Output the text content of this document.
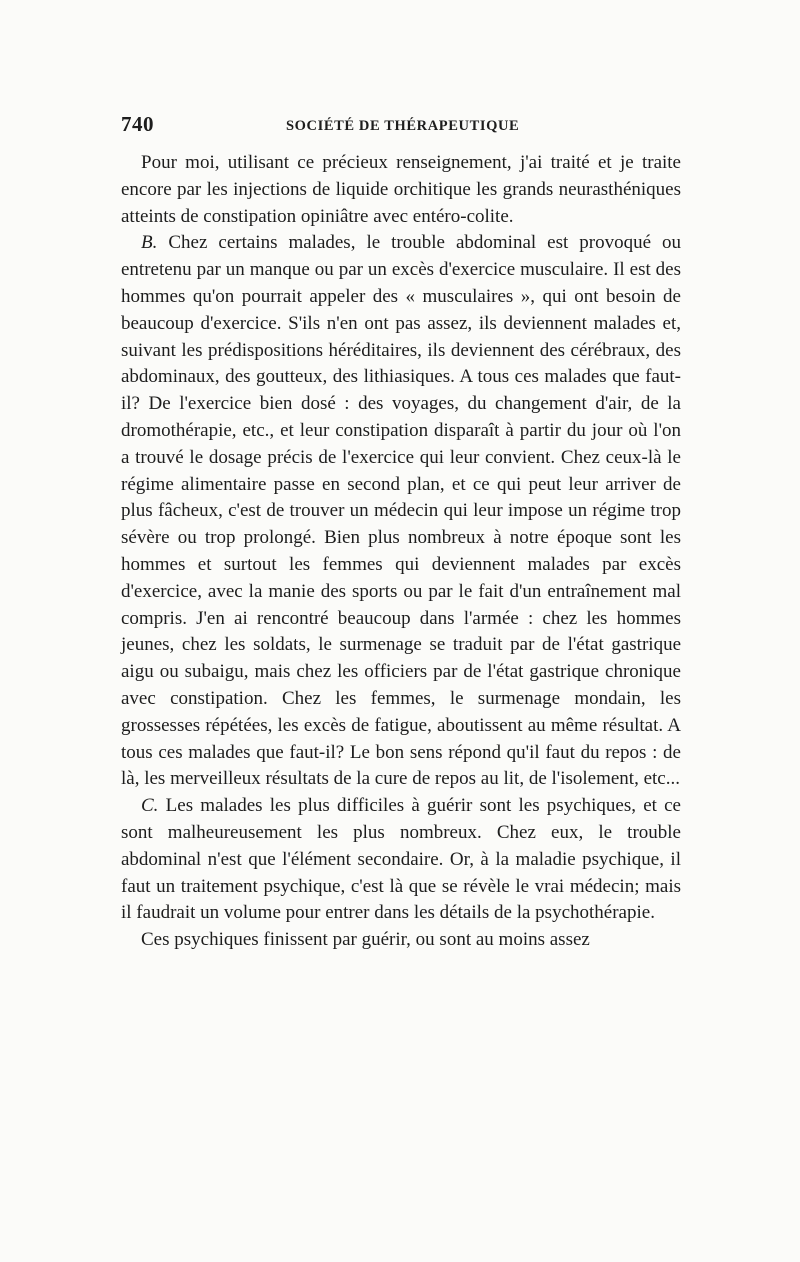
740	SOCIÉTÉ DE THÉRAPEUTIQUE

Pour moi, utilisant ce précieux renseignement, j'ai traité et je traite encore par les injections de liquide orchitique les grands neurasthéniques atteints de constipation opiniâtre avec entéro-colite.

B. Chez certains malades, le trouble abdominal est provoqué ou entretenu par un manque ou par un excès d'exercice musculaire. Il est des hommes qu'on pourrait appeler des « musculaires », qui ont besoin de beaucoup d'exercice. S'ils n'en ont pas assez, ils deviennent malades et, suivant les prédispositions héréditaires, ils deviennent des cérébraux, des abdominaux, des goutteux, des lithiasiques. A tous ces malades que faut-il? De l'exercice bien dosé : des voyages, du changement d'air, de la dromothérapie, etc., et leur constipation disparaît à partir du jour où l'on a trouvé le dosage précis de l'exercice qui leur convient. Chez ceux-là le régime alimentaire passe en second plan, et ce qui peut leur arriver de plus fâcheux, c'est de trouver un médecin qui leur impose un régime trop sévère ou trop prolongé. Bien plus nombreux à notre époque sont les hommes et surtout les femmes qui deviennent malades par excès d'exercice, avec la manie des sports ou par le fait d'un entraînement mal compris. J'en ai rencontré beaucoup dans l'armée : chez les hommes jeunes, chez les soldats, le surmenage se traduit par de l'état gastrique aigu ou subaigu, mais chez les officiers par de l'état gastrique chronique avec constipation. Chez les femmes, le surmenage mondain, les grossesses répétées, les excès de fatigue, aboutissent au même résultat. A tous ces malades que faut-il? Le bon sens répond qu'il faut du repos : de là, les merveilleux résultats de la cure de repos au lit, de l'isolement, etc...

C. Les malades les plus difficiles à guérir sont les psychiques, et ce sont malheureusement les plus nombreux. Chez eux, le trouble abdominal n'est que l'élément secondaire. Or, à la maladie psychique, il faut un traitement psychique, c'est là que se révèle le vrai médecin; mais il faudrait un volume pour entrer dans les détails de la psychothérapie.

Ces psychiques finissent par guérir, ou sont au moins assez
